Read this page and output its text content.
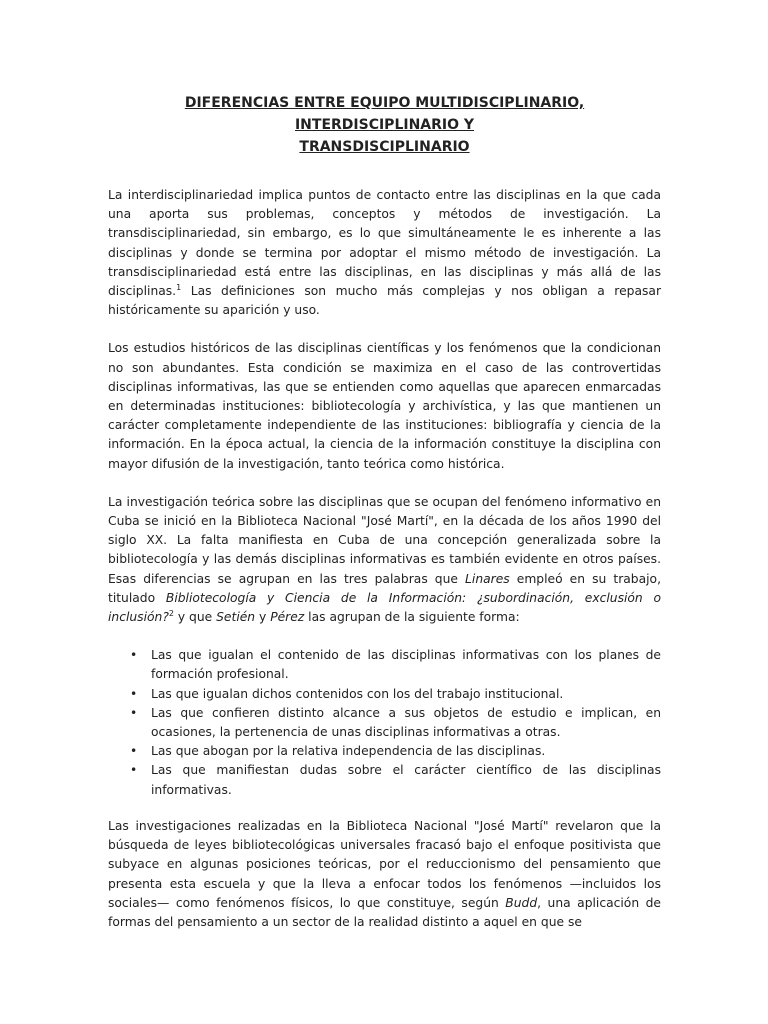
DIFERENCIAS ENTRE EQUIPO MULTIDISCIPLINARIO, INTERDISCIPLINARIO Y
TRANSDISCIPLINARIO

La interdisciplinariedad implica puntos de contacto entre las disciplinas en la que cada una aporta sus problemas, conceptos y métodos de investigación. La transdisciplinariedad, sin embargo, es lo que simultáneamente le es inherente a las disciplinas y donde se termina por adoptar el mismo método de investigación. La transdisciplinariedad está entre las disciplinas, en las disciplinas y más allá de las disciplinas.$^1$ Las definiciones son mucho más complejas y nos obligan a repasar históricamente su aparición y uso.

Los estudios históricos de las disciplinas científicas y los fenómenos que la condicionan no son abundantes. Esta condición se maximiza en el caso de las controvertidas disciplinas informativas, las que se entienden como aquellas que aparecen enmarcadas en determinadas instituciones: bibliotecología y archivística, y las que mantienen un carácter completamente independiente de las instituciones: bibliografía y ciencia de la información. En la época actual, la ciencia de la información constituye la disciplina con mayor difusión de la investigación, tanto teórica como histórica.

La investigación teórica sobre las disciplinas que se ocupan del fenómeno informativo en Cuba se inició en la Biblioteca Nacional "José Martí", en la década de los años 1990 del siglo XX. La falta manifiesta en Cuba de una concepción generalizada sobre la bibliotecología y las demás disciplinas informativas es también evidente en otros países. Esas diferencias se agrupan en las tres palabras que Linares empleó en su trabajo, titulado Bibliotecología y Ciencia de la Información: ¿subordinación, exclusión o inclusión?$^2$ y que Setién y Pérez las agrupan de la siguiente forma:

• Las que igualan el contenido de las disciplinas informativas con los planes de formación profesional.
• Las que igualan dichos contenidos con los del trabajo institucional.
• Las que confieren distinto alcance a sus objetos de estudio e implican, en ocasiones, la pertenencia de unas disciplinas informativas a otras.
• Las que abogan por la relativa independencia de las disciplinas.
• Las que manifiestan dudas sobre el carácter científico de las disciplinas informativas.

Las investigaciones realizadas en la Biblioteca Nacional "José Martí" revelaron que la búsqueda de leyes bibliotecológicas universales fracasó bajo el enfoque positivista que subyace en algunas posiciones teóricas, por el reduccionismo del pensamiento que presenta esta escuela y que la lleva a enfocar todos los fenómenos —incluidos los sociales— como fenómenos físicos, lo que constituye, según Budd, una aplicación de formas del pensamiento a un sector de la realidad distinto a aquel en que se
